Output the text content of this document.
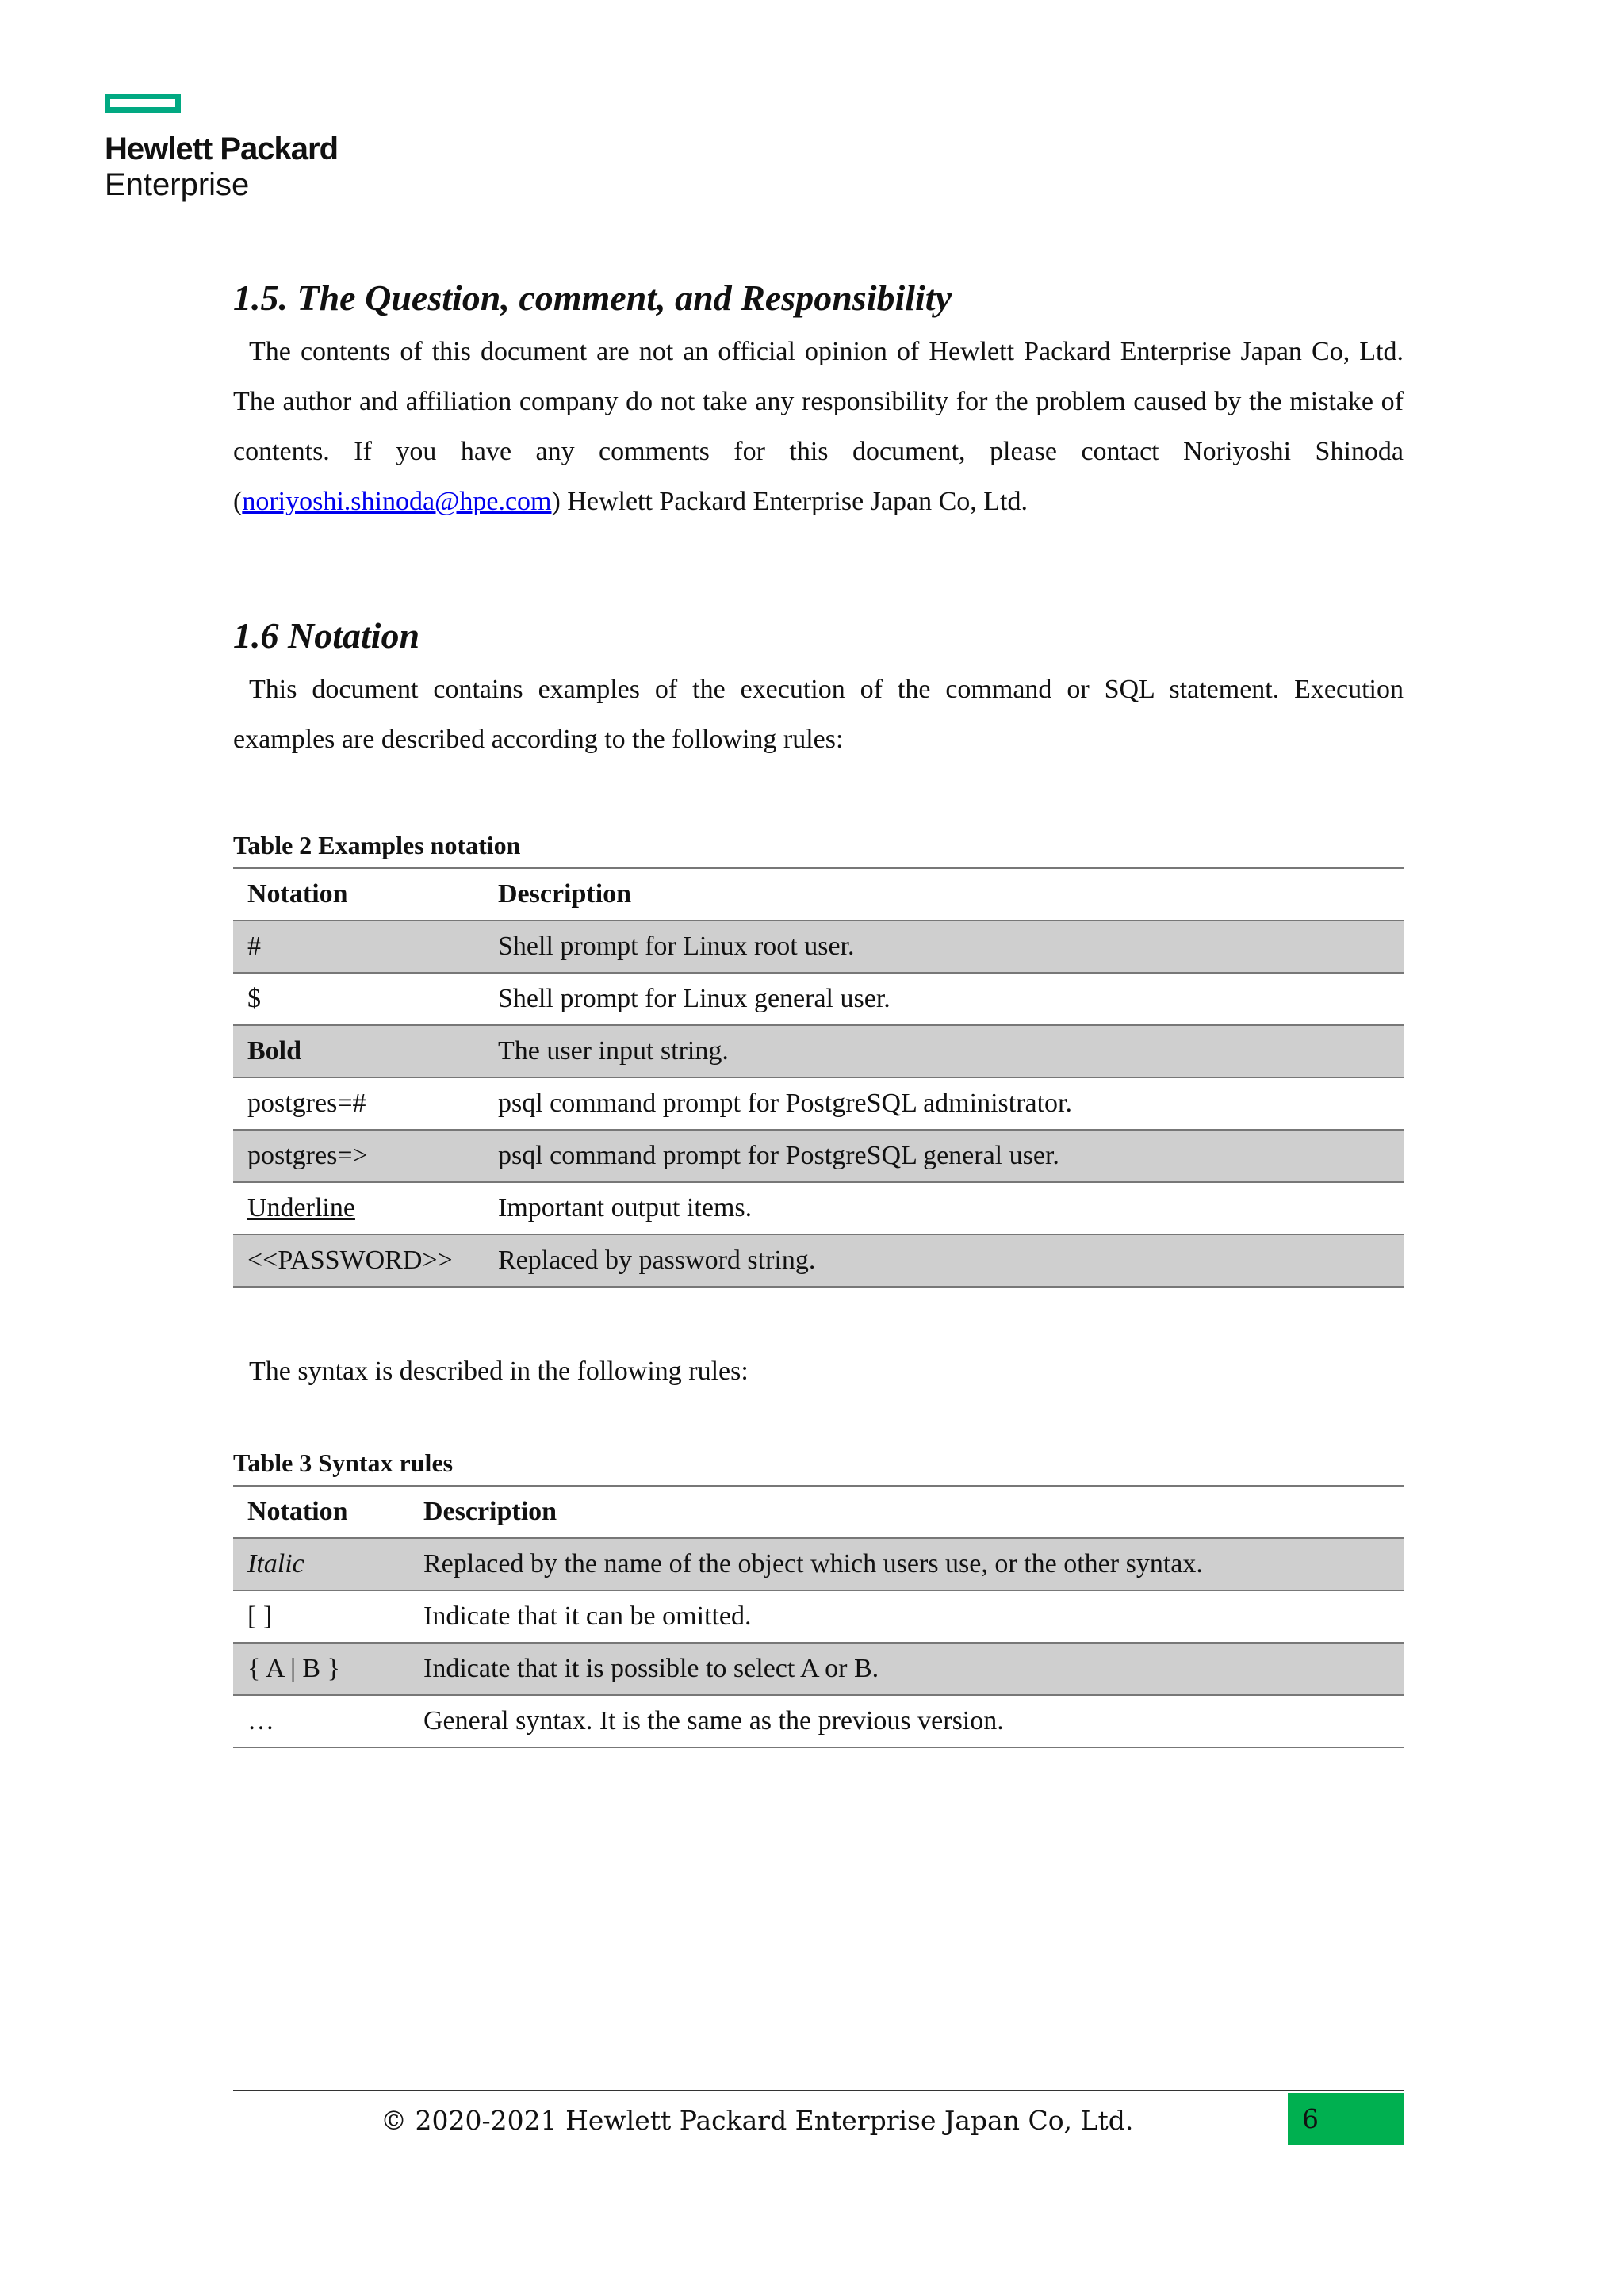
Hewlett Packard
Enterprise
1.5. The Question, comment, and Responsibility

The contents of this document are not an official opinion of Hewlett Packard Enterprise Japan Co, Ltd. The author and affiliation company do not take any responsibility for the problem caused by the mistake of contents. If you have any comments for this document, please contact Noriyoshi Shinoda (noriyoshi.shinoda@hpe.com) Hewlett Packard Enterprise Japan Co, Ltd.

1.6 Notation

This document contains examples of the execution of the command or SQL statement. Execution examples are described according to the following rules:

Table 2 Examples notation
Notation	Description
#	Shell prompt for Linux root user.
$	Shell prompt for Linux general user.
Bold	The user input string.
postgres=#	psql command prompt for PostgreSQL administrator.
postgres=>	psql command prompt for PostgreSQL general user.
Underline	Important output items.
<<PASSWORD>>	Replaced by password string.

The syntax is described in the following rules:

Table 3 Syntax rules
Notation	Description
Italic	Replaced by the name of the object which users use, or the other syntax.
[ ]	Indicate that it can be omitted.
{ A | B }	Indicate that it is possible to select A or B.
…	General syntax. It is the same as the previous version.
© 2020-2021 Hewlett Packard Enterprise Japan Co, Ltd.	6
